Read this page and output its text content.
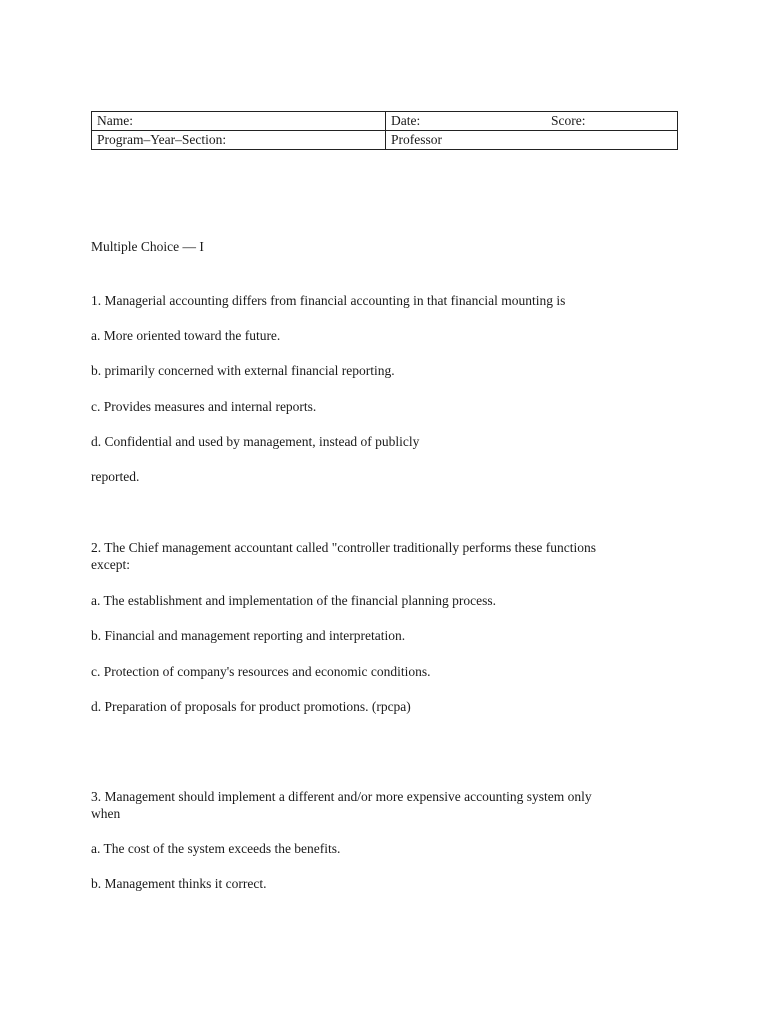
Name:	Date: Score:
Program–Year–Section:	Professor
Multiple Choice — I
1. Managerial accounting differs from financial accounting in that financial mounting is
a. More oriented toward the future.
b. primarily concerned with external financial reporting.
c. Provides measures and internal reports.
d. Confidential and used by management, instead of publicly
reported.
2. The Chief management accountant called "controller traditionally performs these functions
except:
a. The establishment and implementation of the financial planning process.
b. Financial and management reporting and interpretation.
c. Protection of company's resources and economic conditions.
d. Preparation of proposals for product promotions. (rpcpa)
3. Management should implement a different and/or more expensive accounting system only
when
a. The cost of the system exceeds the benefits.
b. Management thinks it correct.
